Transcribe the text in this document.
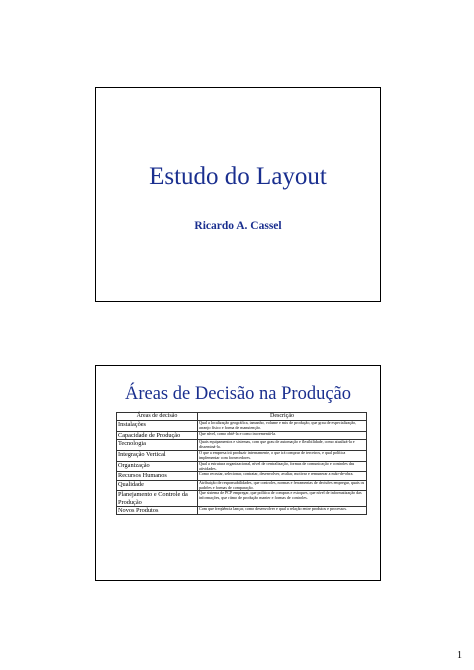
Estudo do Layout
Ricardo A. Cassel
Áreas de Decisão na Produção
Áreas de decisão	Descrição
Instalações	Qual a localização geográfica, tamanho, volume e mix de produção, que grau de especialização, arranjo físico e forma de manutenção.
Capacidade de Produção	Que nível, como obtê-la e como incrementá-la.
Tecnologia	Quais equipamentos e sistemas, com que grau de automação e flexibilidade, como atualizá-la e disseminá-la.
Integração Vertical	O que a empresa irá produzir internamente, o que irá comprar de terceiros, e qual política implementar com fornecedores.
Organização	Qual a estrutura organizacional, nível de centralização, formas de comunicação e controles das atividades.
Recursos Humanos	Como recrutar, selecionar, contratar, desenvolver, avaliar, motivar e remunerar a mão-de-obra.
Qualidade	Atribuição de responsabilidades, que controles, normas e ferramentas de decisões empregar, quais os padrões e formas de comparação.
Planejamento e Controle da Produção	Que sistema de PCP empregar, que política de compras e estoques, que nível de informatização das informações, que ritmo de produção manter e formas de controles.
Novos Produtos	Com que freqüência lançar, como desenvolver e qual a relação entre produtos e processos.
1
